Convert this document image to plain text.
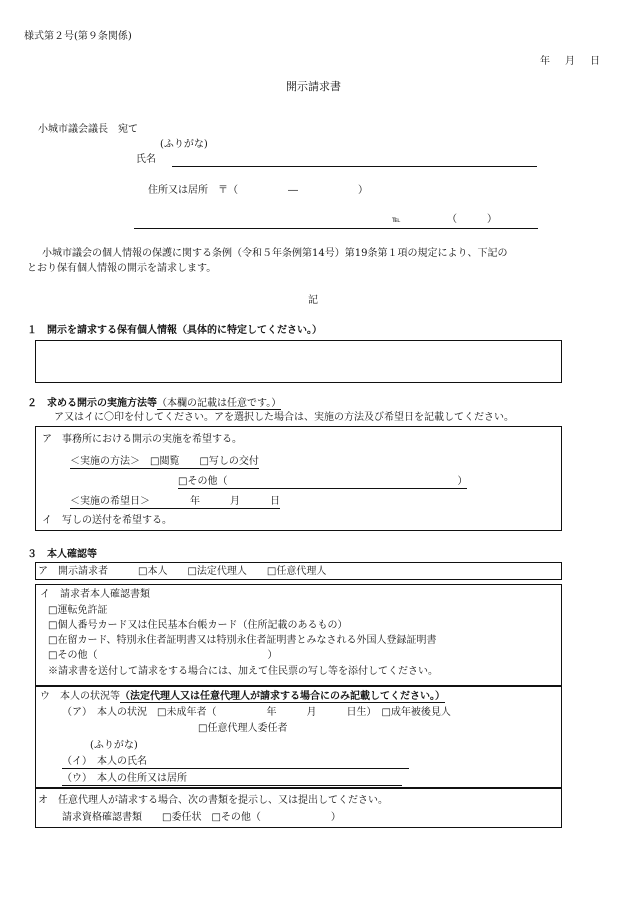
様式第２号(第９条関係)
年 月 日
開示請求書
小城市議会議長　宛て
(ふりがな)
氏名
住所又は居所　〒（　　　　　―　　　　　　）
℡	（　　　）
小城市議会の個人情報の保護に関する条例（令和５年条例第14号）第19条第１項の規定により、下記の
とおり保有個人情報の開示を請求します。
記
１　開示を請求する保有個人情報（具体的に特定してください。）
２　求める開示の実施方法等（本欄の記載は任意です。）
ア又はイに〇印を付してください。アを選択した場合は、実施の方法及び希望日を記載してください。
ア　事務所における開示の実施を希望する。
＜実施の方法＞　□閲覧　　□写しの交付
□その他（　　　　　　　　　　　　　　　　　　　　　　　）
＜実施の希望日＞　　　　年　　　月　　　日
イ　写しの送付を希望する。
３　本人確認等
ア　開示請求者　　　□本人　　□法定代理人　　□任意代理人
イ　請求者本人確認書類
□運転免許証
□個人番号カード又は住民基本台帳カード（住所記載のあるもの）
□在留カード、特別永住者証明書又は特別永住者証明書とみなされる外国人登録証明書
□その他（　　　　　　　　　　　　　　　　　）
※請求書を送付して請求をする場合には、加えて住民票の写し等を添付してください。
ウ　本人の状況等（法定代理人又は任意代理人が請求する場合にのみ記載してください。）
（ア）　本人の状況　□未成年者（　　　　　年　　　月　　　日生）　□成年被後見人
□任意代理人委任者
(ふりがな)
（イ）　本人の氏名
（ウ）　本人の住所又は居所
オ　任意代理人が請求する場合、次の書類を提示し、又は提出してください。
請求資格確認書類　　□委任状　□その他（　　　　　　　）
